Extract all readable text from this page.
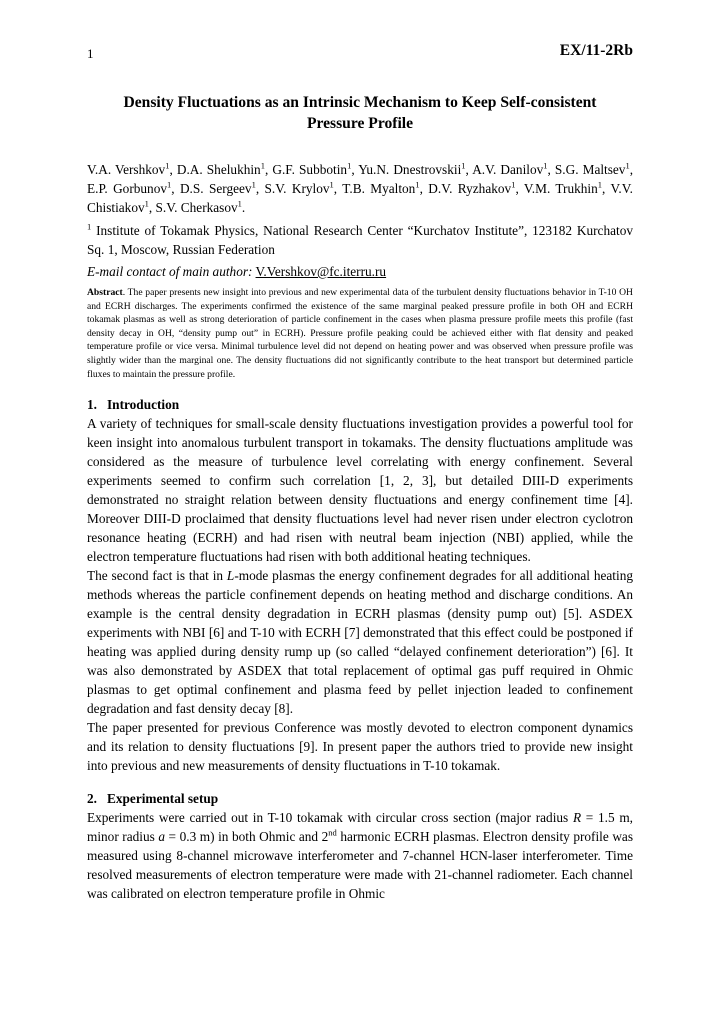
1	EX/11-2Rb
Density Fluctuations as an Intrinsic Mechanism to Keep Self-consistent
Pressure Profile
V.A. Vershkov$^1$, D.A. Shelukhin$^1$, G.F. Subbotin$^1$, Yu.N. Dnestrovskii$^1$, A.V. Danilov$^1$, S.G. Maltsev$^1$, E.P. Gorbunov$^1$, D.S. Sergeev$^1$, S.V. Krylov$^1$, T.B. Myalton$^1$, D.V. Ryzhakov$^1$, V.M. Trukhin$^1$, V.V. Chistiakov$^1$, S.V. Cherkasov$^1$.
$^1$ Institute of Tokamak Physics, National Research Center “Kurchatov Institute”, 123182 Kurchatov Sq. 1, Moscow, Russian Federation
E-mail contact of main author: V.Vershkov@fc.iterru.ru
Abstract. The paper presents new insight into previous and new experimental data of the turbulent density fluctuations behavior in T-10 OH and ECRH discharges. The experiments confirmed the existence of the same marginal peaked pressure profile in both OH and ECRH tokamak plasmas as well as strong deterioration of particle confinement in the cases when plasma pressure profile meets this profile (fast density decay in OH, “density pump out” in ECRH). Pressure profile peaking could be achieved either with flat density and peaked temperature profile or vice versa. Minimal turbulence level did not depend on heating power and was observed when pressure profile was slightly wider than the marginal one. The density fluctuations did not significantly contribute to the heat transport but determined particle fluxes to maintain the pressure profile.
1. Introduction

A variety of techniques for small-scale density fluctuations investigation provides a powerful tool for keen insight into anomalous turbulent transport in tokamaks. The density fluctuations amplitude was considered as the measure of turbulence level correlating with energy confinement. Several experiments seemed to confirm such correlation [1, 2, 3], but detailed DIII-D experiments demonstrated no straight relation between density fluctuations and energy confinement time [4]. Moreover DIII-D proclaimed that density fluctuations level had never risen under electron cyclotron resonance heating (ECRH) and had risen with neutral beam injection (NBI) applied, while the electron temperature fluctuations had risen with both additional heating techniques.

The second fact is that in L-mode plasmas the energy confinement degrades for all additional heating methods whereas the particle confinement depends on heating method and discharge conditions. An example is the central density degradation in ECRH plasmas (density pump out) [5]. ASDEX experiments with NBI [6] and T-10 with ECRH [7] demonstrated that this effect could be postponed if heating was applied during density rump up (so called “delayed confinement deterioration”) [6]. It was also demonstrated by ASDEX that total replacement of optimal gas puff required in Ohmic plasmas to get optimal confinement and plasma feed by pellet injection leaded to confinement degradation and fast density decay [8].

The paper presented for previous Conference was mostly devoted to electron component dynamics and its relation to density fluctuations [9]. In present paper the authors tried to provide new insight into previous and new measurements of density fluctuations in T-10 tokamak.

2. Experimental setup

Experiments were carried out in T-10 tokamak with circular cross section (major radius R = 1.5 m, minor radius a = 0.3 m) in both Ohmic and 2nd harmonic ECRH plasmas. Electron density profile was measured using 8-channel microwave interferometer and 7-channel HCN-laser interferometer. Time resolved measurements of electron temperature were made with 21-channel radiometer. Each channel was calibrated on electron temperature profile in Ohmic
